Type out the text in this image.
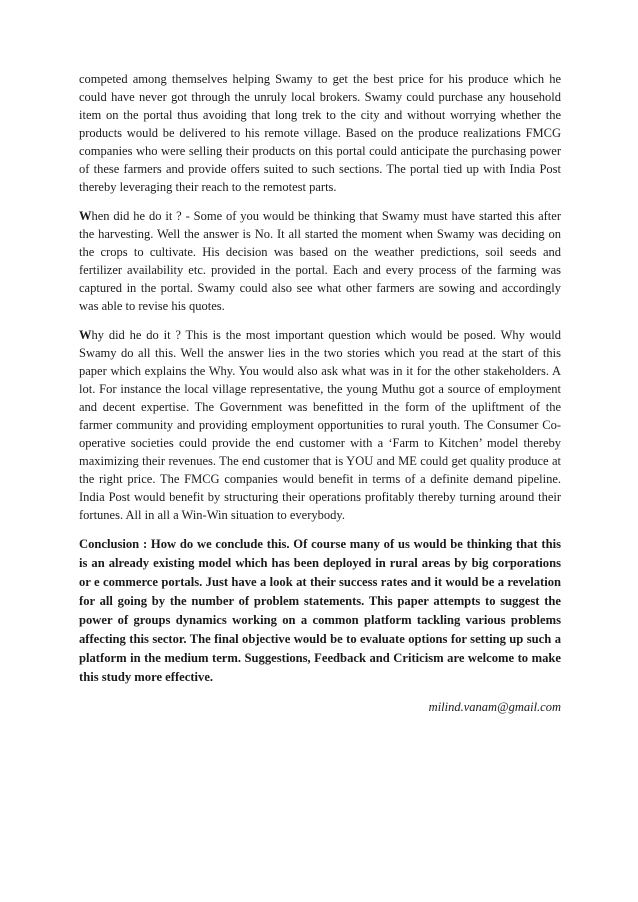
competed among themselves helping Swamy to get the best price for his produce which he could have never got through the unruly local brokers. Swamy could purchase any household item on the portal thus avoiding that long trek to the city and without worrying whether the products would be delivered to his remote village. Based on the produce realizations FMCG companies who were selling their products on this portal could anticipate the purchasing power of these farmers and provide offers suited to such sections. The portal tied up with India Post thereby leveraging their reach to the remotest parts.

When did he do it ? - Some of you would be thinking that Swamy must have started this after the harvesting. Well the answer is No. It all started the moment when Swamy was deciding on the crops to cultivate. His decision was based on the weather predictions, soil seeds and fertilizer availability etc. provided in the portal. Each and every process of the farming was captured in the portal. Swamy could also see what other farmers are sowing and accordingly was able to revise his quotes.

Why did he do it ? This is the most important question which would be posed. Why would Swamy do all this. Well the answer lies in the two stories which you read at the start of this paper which explains the Why. You would also ask what was in it for the other stakeholders. A lot. For instance the local village representative, the young Muthu got a source of employment and decent expertise. The Government was benefitted in the form of the upliftment of the farmer community and providing employment opportunities to rural youth. The Consumer Co-operative societies could provide the end customer with a ‘Farm to Kitchen’ model thereby maximizing their revenues. The end customer that is YOU and ME could get quality produce at the right price. The FMCG companies would benefit in terms of a definite demand pipeline. India Post would benefit by structuring their operations profitably thereby turning around their fortunes. All in all a Win-Win situation to everybody.

Conclusion : How do we conclude this. Of course many of us would be thinking that this is an already existing model which has been deployed in rural areas by big corporations or e commerce portals. Just have a look at their success rates and it would be a revelation for all going by the number of problem statements. This paper attempts to suggest the power of groups dynamics working on a common platform tackling various problems affecting this sector. The final objective would be to evaluate options for setting up such a platform in the medium term. Suggestions, Feedback and Criticism are welcome to make this study more effective.

milind.vanam@gmail.com
